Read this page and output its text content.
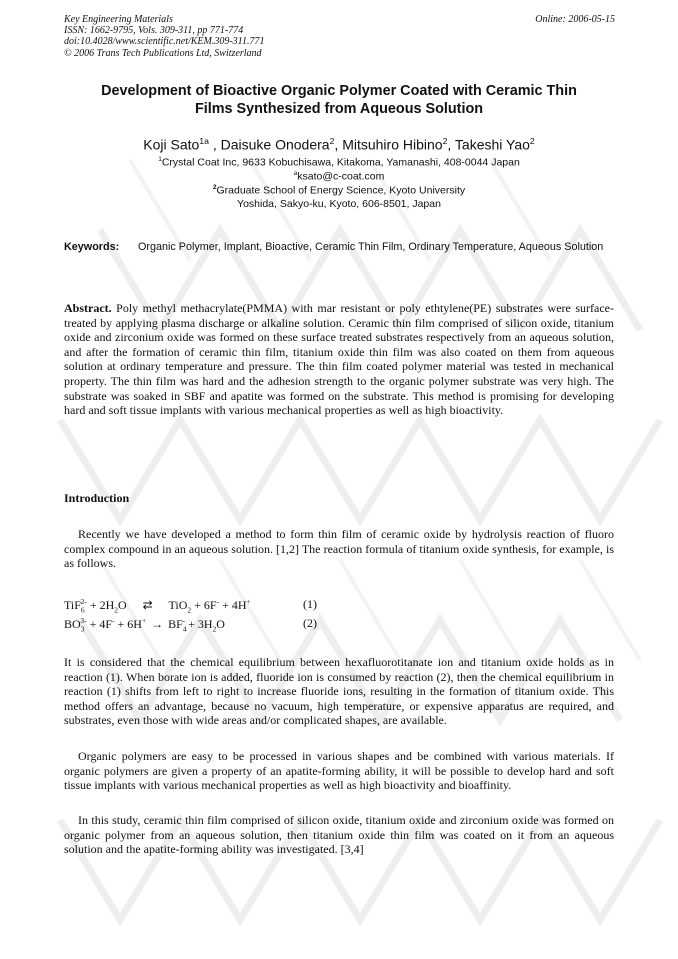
Key Engineering Materials
ISSN: 1662-9795, Vols. 309-311, pp 771-774
doi:10.4028/www.scientific.net/KEM.309-311.771
© 2006 Trans Tech Publications Ltd, Switzerland
Online: 2006-05-15
Development of Bioactive Organic Polymer Coated with Ceramic Thin
Films Synthesized from Aqueous Solution
Koji Sato$^{1a}$ , Daisuke Onodera$^2$, Mitsuhiro Hibino$^2$, Takeshi Yao$^2$
$^1$Crystal Coat Inc, 9633 Kobuchisawa, Kitakoma, Yamanashi, 408-0044 Japan
$^a$ksato@c-coat.com
$^2$Graduate School of Energy Science, Kyoto University
Yoshida, Sakyo-ku, Kyoto, 606-8501, Japan
Keywords: Organic Polymer, Implant, Bioactive, Ceramic Thin Film, Ordinary Temperature, Aqueous Solution
Abstract. Poly methyl methacrylate(PMMA) with mar resistant or poly ethtylene(PE) substrates were surface-treated by applying plasma discharge or alkaline solution. Ceramic thin film comprised of silicon oxide, titanium oxide and zirconium oxide was formed on these surface treated substrates respectively from an aqueous solution, and after the formation of ceramic thin film, titanium oxide thin film was also coated on them from aqueous solution at ordinary temperature and pressure. The thin film coated polymer material was tested in mechanical property. The thin film was hard and the adhesion strength to the organic polymer substrate was very high. The substrate was soaked in SBF and apatite was formed on the substrate. This method is promising for developing hard and soft tissue implants with various mechanical properties as well as high bioactivity.
Introduction
Recently we have developed a method to form thin film of ceramic oxide by hydrolysis reaction of fluoro complex compound in an aqueous solution. [1,2] The reaction formula of titanium oxide synthesis, for example, is as follows.
$TiF_6^{2-} + 2H_2O$ ⇄ TiO$_2$ + 6F- + 4H+	(1)
$BO_3^{3-} + 4F^- + 6H^+ \to BF_4^- + 3H_2O$	(2)
It is considered that the chemical equilibrium between hexafluorotitanate ion and titanium oxide holds as in reaction (1). When borate ion is added, fluoride ion is consumed by reaction (2), then the chemical equilibrium in reaction (1) shifts from left to right to increase fluoride ions, resulting in the formation of titanium oxide. This method offers an advantage, because no vacuum, high temperature, or expensive apparatus are required, and substrates, even those with wide areas and/or complicated shapes, are available.
Organic polymers are easy to be processed in various shapes and be combined with various materials. If organic polymers are given a property of an apatite-forming ability, it will be possible to develop hard and soft tissue implants with various mechanical properties as well as high bioactivity and bioaffinity.
In this study, ceramic thin film comprised of silicon oxide, titanium oxide and zirconium oxide was formed on organic polymer from an aqueous solution, then titanium oxide thin film was coated on it from an aqueous solution and the apatite-forming ability was investigated. [3,4]
